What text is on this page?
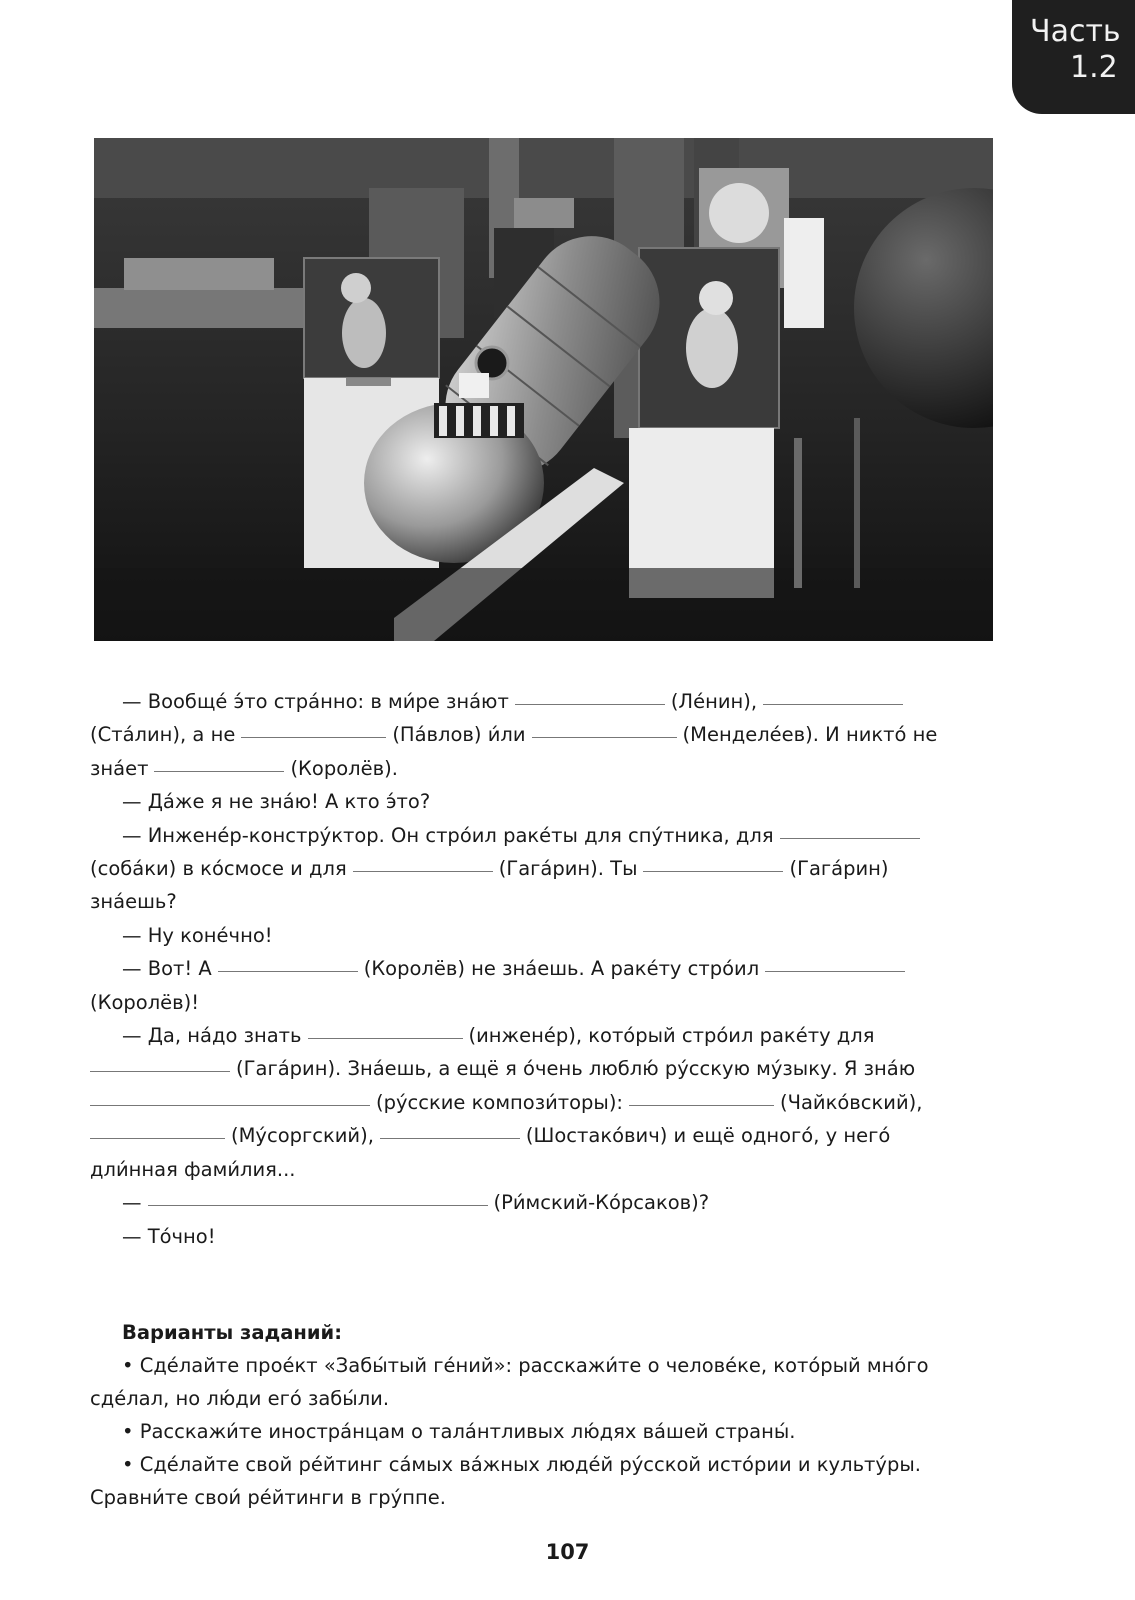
Часть
1.2

— Вообще́ э́то стра́нно: в ми́ре зна́ют	(Ле́нин),

(Ста́лин), а не	(Па́влов) и́ли	(Менделе́ев). И никто́ не

зна́ет	(Королёв).

— Да́же я не зна́ю! А кто э́то?

— Инжене́р-констру́ктор. Он стро́ил раке́ты для спу́тника, для

(соба́ки) в ко́смосе и для	(Гага́рин). Ты	(Гага́рин)

зна́ешь?

— Ну коне́чно!

— Вот! А	(Королёв) не зна́ешь. А раке́ту стро́ил

(Королёв)!

— Да, на́до знать	(инжене́р), кото́рый стро́ил раке́ту для

(Гага́рин). Зна́ешь, а ещё я о́чень люблю́ ру́сскую му́зыку. Я зна́ю

(ру́сские компози́торы):	(Чайко́вский),

(Му́соргский),	(Шостако́вич) и ещё одного́, у него́

дли́нная фами́лия...

—	(Ри́мский-Ко́рсаков)?

— То́чно!

Варианты заданий:

• Сде́лайте прое́кт «Забы́тый ге́ний»: расскажи́те о челове́ке, кото́рый мно́го сде́лал, но лю́ди его́ забы́ли.

• Расскажи́те иностра́нцам о тала́нтливых лю́дях ва́шей страны́.

• Сде́лайте свой ре́йтинг са́мых ва́жных люде́й ру́сской исто́рии и культу́ры. Сравни́те свои́ ре́йтинги в гру́ппе.

107
